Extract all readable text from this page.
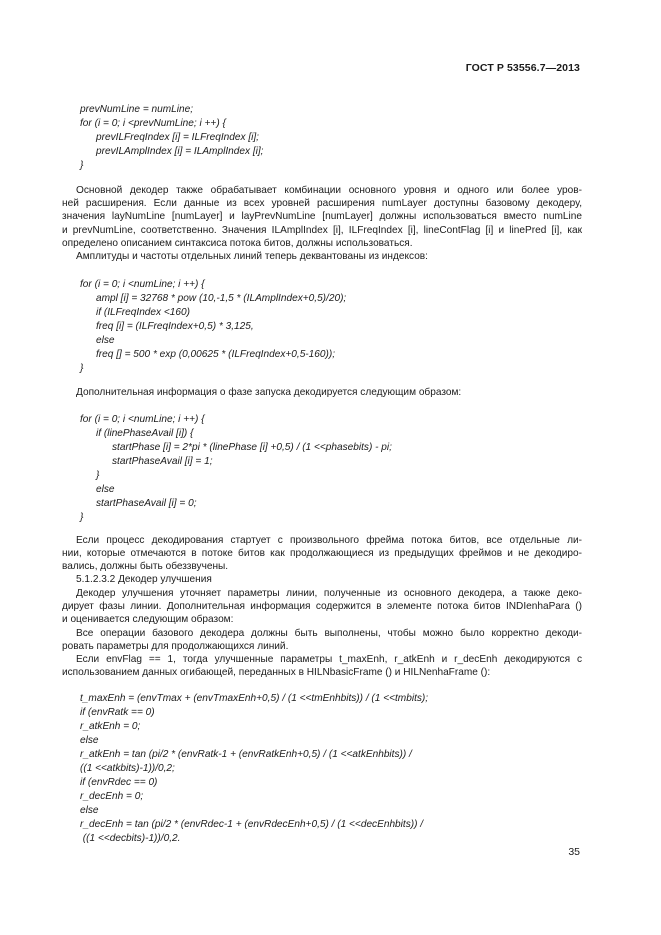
ГОСТ Р 53556.7—2013
prevNumLine = numLine;
for (i = 0; i <prevNumLine; i ++) {
prevILFreqIndex [i] = ILFreqIndex [i];
prevILAmplIndex [i] = ILAmplIndex [i];
}
Основной декодер также обрабатывает комбинации основного уровня и одного или более уров-
ней расширения. Если данные из всех уровней расширения numLayer доступны базовому декодеру,
значения layNumLine [numLayer] и layPrevNumLine [numLayer] должны использоваться вместо numLine
и prevNumLine, соответственно. Значения ILAmplIndex [i], ILFreqIndex [i], lineContFlag [i] и linePred [i], как
определено описанием синтаксиса потока битов, должны использоваться.
Амплитуды и частоты отдельных линий теперь деквантованы из индексов:
for (i = 0; i <numLine; i ++) {
ampl [i] = 32768 * pow (10,-1,5 * (ILAmplIndex+0,5)/20);
if (ILFreqIndex <160)
freq [i] = (ILFreqIndex+0,5) * 3,125,
else
freq [] = 500 * exp (0,00625 * (ILFreqIndex+0,5-160));
}
Дополнительная информация о фазе запуска декодируется следующим образом:
for (i = 0; i <numLine; i ++) {
if (linePhaseAvail [i]) {
startPhase [i] = 2*pi * (linePhase [i] +0,5) / (1 <<phasebits) - pi;
startPhaseAvail [i] = 1;
}
else
startPhaseAvail [i] = 0;
}
Если процесс декодирования стартует с произвольного фрейма потока битов, все отдельные ли-
нии, которые отмечаются в потоке битов как продолжающиеся из предыдущих фреймов и не декодиро-
вались, должны быть обеззвучены.
5.1.2.3.2 Декодер улучшения
Декодер улучшения уточняет параметры линии, полученные из основного декодера, а также деко-
дирует фазы линии. Дополнительная информация содержится в элементе потока битов INDIenhaPara ()
и оценивается следующим образом:
Все операции базового декодера должны быть выполнены, чтобы можно было корректно декоди-
ровать параметры для продолжающихся линий.
Если envFlag == 1, тогда улучшенные параметры t_maxEnh, r_atkEnh и r_decEnh декодируются с
использованием данных огибающей, переданных в HILNbasicFrame () и HILNenhaFrame ():
t_maxEnh = (envTmax + (envTmaxEnh+0,5) / (1 <<tmEnhbits)) / (1 <<tmbits);
if (envRatk == 0)
r_atkEnh = 0;
else
r_atkEnh = tan (pi/2 * (envRatk-1 + (envRatkEnh+0,5) / (1 <<atkEnhbits)) /
((1 <<atkbits)-1))/0,2;
if (envRdec == 0)
r_decEnh = 0;
else
r_decEnh = tan (pi/2 * (envRdec-1 + (envRdecEnh+0,5) / (1 <<decEnhbits)) /
((1 <<decbits)-1))/0,2.
35
